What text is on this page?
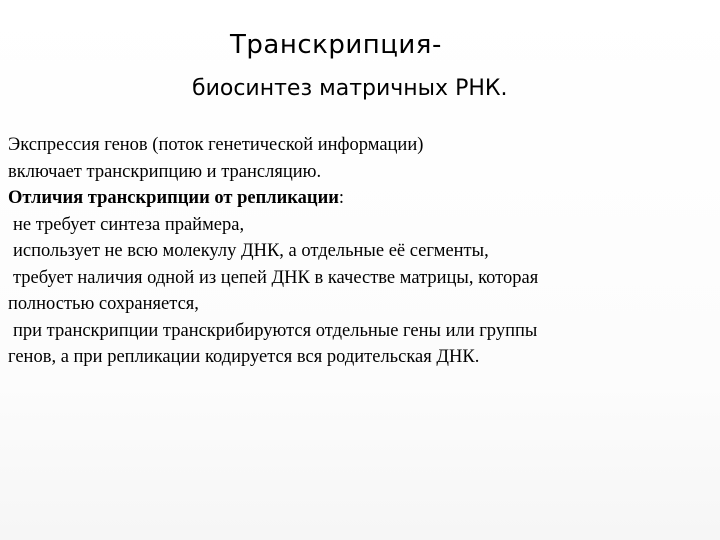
Транскрипция-
биосинтез матричных РНК.

Экспрессия генов (поток генетической информации)

включает транскрипцию и трансляцию.

Отличия транскрипции от репликации:

не требует синтеза праймера,

использует не всю молекулу ДНК, а отдельные её сегменты,

требует наличия одной из цепей ДНК в качестве матрицы, которая

полностью сохраняется,

при транскрипции транскрибируются отдельные гены или группы

генов, а при репликации кодируется вся родительская ДНК.
